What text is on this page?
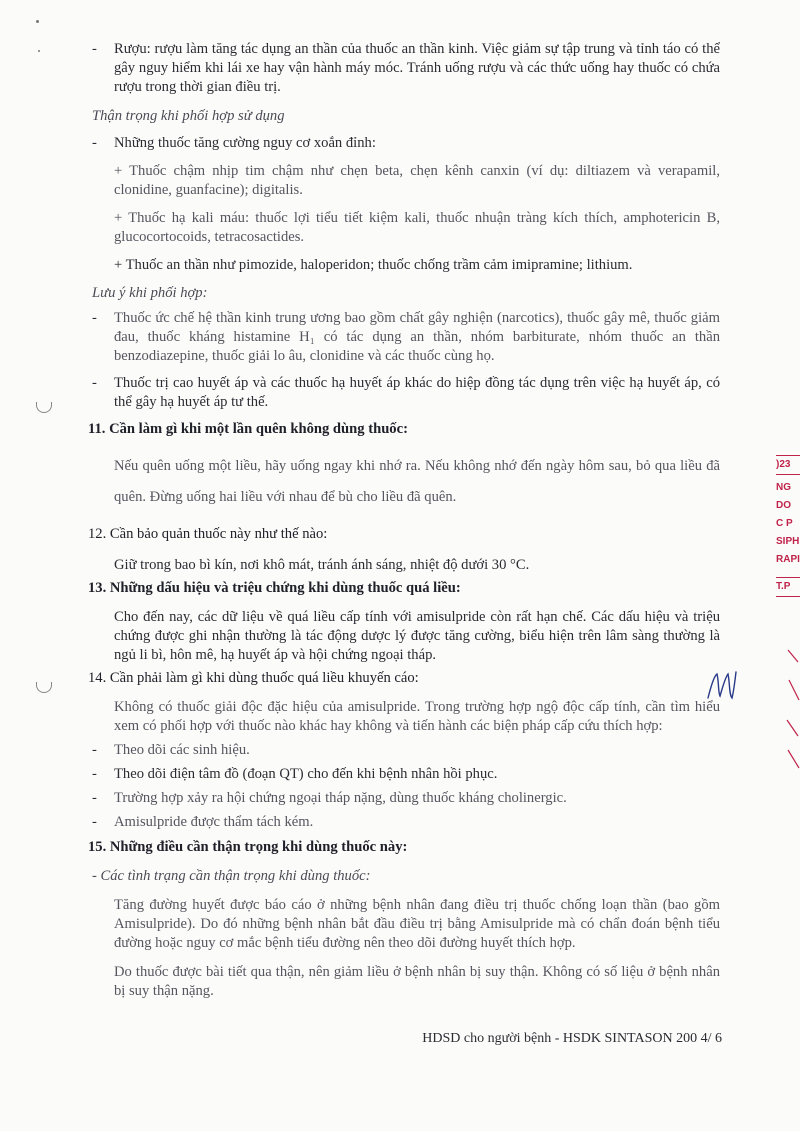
-	Rượu: rượu làm tăng tác dụng an thần của thuốc an thần kinh. Việc giảm sự tập trung và tỉnh táo có thể gây nguy hiểm khi lái xe hay vận hành máy móc. Tránh uống rượu và các thức uống hay thuốc có chứa rượu trong thời gian điều trị.

Thận trọng khi phối hợp sử dụng

-	Những thuốc tăng cường nguy cơ xoắn đỉnh:

+ Thuốc chậm nhịp tim chậm như chẹn beta, chẹn kênh canxin (ví dụ: diltiazem và verapamil, clonidine, guanfacine); digitalis.

+ Thuốc hạ kali máu: thuốc lợi tiểu tiết kiệm kali, thuốc nhuận tràng kích thích, amphotericin B, glucocortocoids, tetracosactides.

+ Thuốc an thần như pimozide, haloperidon; thuốc chống trầm cảm imipramine; lithium.

Lưu ý khi phối hợp:

-	Thuốc ức chế hệ thần kinh trung ương bao gồm chất gây nghiện (narcotics), thuốc gây mê, thuốc giảm đau, thuốc kháng histamine H₁ có tác dụng an thần, nhóm barbiturate, nhóm thuốc an thần benzodiazepine, thuốc giải lo âu, clonidine và các thuốc cùng họ.
-	Thuốc trị cao huyết áp và các thuốc hạ huyết áp khác do hiệp đồng tác dụng trên việc hạ huyết áp, có thể gây hạ huyết áp tư thế.

11. Cần làm gì khi một lần quên không dùng thuốc:

Nếu quên uống một liều, hãy uống ngay khi nhớ ra. Nếu không nhớ đến ngày hôm sau, bỏ qua liều đã quên. Đừng uống hai liều với nhau để bù cho liều đã quên.

12. Cần bảo quản thuốc này như thế nào:

Giữ trong bao bì kín, nơi khô mát, tránh ánh sáng, nhiệt độ dưới 30 °C.

13. Những dấu hiệu và triệu chứng khi dùng thuốc quá liều:

Cho đến nay, các dữ liệu về quá liều cấp tính với amisulpride còn rất hạn chế. Các dấu hiệu và triệu chứng được ghi nhận thường là tác động dược lý được tăng cường, biểu hiện trên lâm sàng thường là ngủ li bì, hôn mê, hạ huyết áp và hội chứng ngoại tháp.

14. Cần phải làm gì khi dùng thuốc quá liều khuyến cáo:

Không có thuốc giải độc đặc hiệu của amisulpride. Trong trường hợp ngộ độc cấp tính, cần tìm hiểu xem có phối hợp với thuốc nào khác hay không và tiến hành các biện pháp cấp cứu thích hợp:

-	Theo dõi các sinh hiệu.
-	Theo dõi điện tâm đồ (đoạn QT) cho đến khi bệnh nhân hồi phục.
-	Trường hợp xảy ra hội chứng ngoại tháp nặng, dùng thuốc kháng cholinergic.
-	Amisulpride được thẩm tách kém.

15. Những điều cần thận trọng khi dùng thuốc này:

- Các tình trạng cần thận trọng khi dùng thuốc:

Tăng đường huyết được báo cáo ở những bệnh nhân đang điều trị thuốc chống loạn thần (bao gồm Amisulpride). Do đó những bệnh nhân bắt đầu điều trị bằng Amisulpride mà có chẩn đoán bệnh tiểu đường hoặc nguy cơ mắc bệnh tiểu đường nên theo dõi đường huyết thích hợp.

Do thuốc được bài tiết qua thận, nên giảm liều ở bệnh nhân bị suy thận. Không có số liệu ở bệnh nhân bị suy thận nặng.

HDSD cho người bệnh - HSDK SINTASON 200 4/ 6
)23
NG
DO
C P
SIPH
RAPI
T.P
